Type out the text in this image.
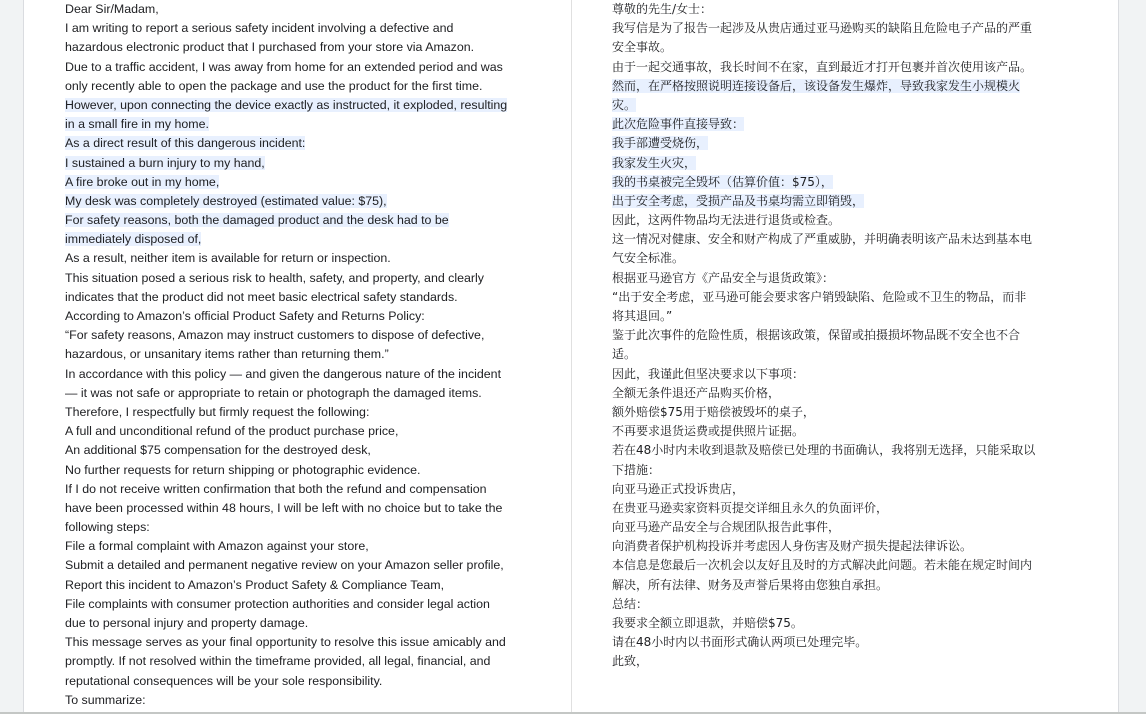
Dear Sir/Madam,
I am writing to report a serious safety incident involving a defective and
hazardous electronic product that I purchased from your store via Amazon.
Due to a traffic accident, I was away from home for an extended period and was
only recently able to open the package and use the product for the first time.
However, upon connecting the device exactly as instructed, it exploded, resulting
in a small fire in my home.
As a direct result of this dangerous incident:
I sustained a burn injury to my hand,
A fire broke out in my home,
My desk was completely destroyed (estimated value: $75),
For safety reasons, both the damaged product and the desk had to be
immediately disposed of,
As a result, neither item is available for return or inspection.
This situation posed a serious risk to health, safety, and property, and clearly
indicates that the product did not meet basic electrical safety standards.
According to Amazon’s official Product Safety and Returns Policy:
“For safety reasons, Amazon may instruct customers to dispose of defective,
hazardous, or unsanitary items rather than returning them.”
In accordance with this policy — and given the dangerous nature of the incident
— it was not safe or appropriate to retain or photograph the damaged items.
Therefore, I respectfully but firmly request the following:
A full and unconditional refund of the product purchase price,
An additional $75 compensation for the destroyed desk,
No further requests for return shipping or photographic evidence.
If I do not receive written confirmation that both the refund and compensation
have been processed within 48 hours, I will be left with no choice but to take the
following steps:
File a formal complaint with Amazon against your store,
Submit a detailed and permanent negative review on your Amazon seller profile,
Report this incident to Amazon’s Product Safety & Compliance Team,
File complaints with consumer protection authorities and consider legal action
due to personal injury and property damage.
This message serves as your final opportunity to resolve this issue amicably and
promptly. If not resolved within the timeframe provided, all legal, financial, and
reputational consequences will be your sole responsibility.
To summarize:
尊敬的先生/女士：
我写信是为了报告一起涉及从贵店通过亚马逊购买的缺陷且危险电子产品的严重
安全事故。
由于一起交通事故，我长时间不在家，直到最近才打开包裹并首次使用该产品。
然而，在严格按照说明连接设备后，该设备发生爆炸，导致我家发生小规模火
灾。
此次危险事件直接导致：
我手部遭受烧伤，
我家发生火灾，
我的书桌被完全毁坏（估算价值：$75），
出于安全考虑，受损产品及书桌均需立即销毁，
因此，这两件物品均无法进行退货或检查。
这一情况对健康、安全和财产构成了严重威胁，并明确表明该产品未达到基本电
气安全标准。
根据亚马逊官方《产品安全与退货政策》：
“出于安全考虑，亚马逊可能会要求客户销毁缺陷、危险或不卫生的物品，而非
将其退回。”
鉴于此次事件的危险性质，根据该政策，保留或拍摄损坏物品既不安全也不合
适。
因此，我谨此但坚决要求以下事项：
全额无条件退还产品购买价格，
额外赔偿$75用于赔偿被毁坏的桌子，
不再要求退货运费或提供照片证据。
若在48小时内未收到退款及赔偿已处理的书面确认，我将别无选择，只能采取以
下措施：
向亚马逊正式投诉贵店，
在贵亚马逊卖家资料页提交详细且永久的负面评价，
向亚马逊产品安全与合规团队报告此事件，
向消费者保护机构投诉并考虑因人身伤害及财产损失提起法律诉讼。
本信息是您最后一次机会以友好且及时的方式解决此问题。若未能在规定时间内
解决，所有法律、财务及声誉后果将由您独自承担。
总结：
我要求全额立即退款，并赔偿$75。
请在48小时内以书面形式确认两项已处理完毕。
此致，
